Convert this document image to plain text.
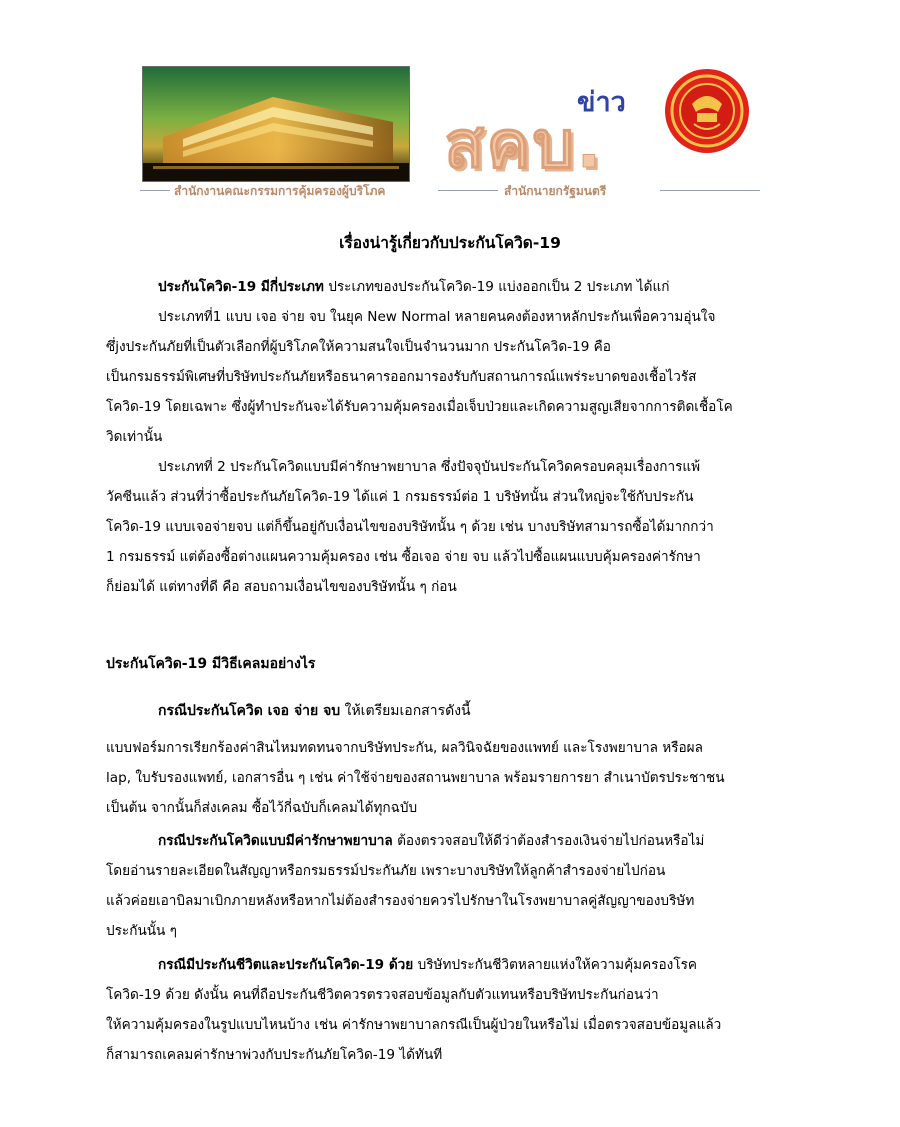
สคบ.
ข่าว
สำนักงานคณะกรรมการคุ้มครองผู้บริโภค	สำนักนายกรัฐมนตรี
เรื่องน่ารู้เกี่ยวกับประกันโควิด-19
ประกันโควิด-19 มีกี่ประเภท ประเภทของประกันโควิด-19 แบ่งออกเป็น 2 ประเภท ได้แก่
ประเภทที่1 แบบ เจอ จ่าย จบ ในยุค New Normal หลายคนคงต้องหาหลักประกันเพื่อความอุ่นใจ
ซึ่jงประกันภัยที่เป็นตัวเลือกที่ผู้บริโภคให้ความสนใจเป็นจำนวนมาก ประกันโควิด-19 คือ
เป็นกรมธรรม์พิเศษที่บริษัทประกันภัยหรือธนาคารออกมารองรับกับสถานการณ์แพร่ระบาดของเชื้อไวรัส
โควิด-19 โดยเฉพาะ ซึ่งผู้ทำประกันจะได้รับความคุ้มครองเมื่อเจ็บป่วยและเกิดความสูญเสียจากการติดเชื้อโค
วิดเท่านั้น
ประเภทที่ 2 ประกันโควิดแบบมีค่ารักษาพยาบาล ซึ่งปัจจุบันประกันโควิดครอบคลุมเรื่องการแพ้
วัคซีนแล้ว ส่วนที่ว่าซื้อประกันภัยโควิด-19 ได้แค่ 1 กรมธรรม์ต่อ 1 บริษัทนั้น ส่วนใหญ่จะใช้กับประกัน
โควิด-19 แบบเจอจ่ายจบ แต่ก็ขึ้นอยู่กับเงื่อนไขของบริษัทนั้น ๆ ด้วย เช่น บางบริษัทสามารถซื้อได้มากกว่า
1 กรมธรรม์ แต่ต้องซื้อต่างแผนความคุ้มครอง เช่น ซื้อเจอ จ่าย จบ แล้วไปซื้อแผนแบบคุ้มครองค่ารักษา
ก็ย่อมได้ แต่ทางที่ดี คือ สอบถามเงื่อนไขของบริษัทนั้น ๆ ก่อน
ประกันโควิด-19 มีวิธีเคลมอย่างไร
กรณีประกันโควิด เจอ จ่าย จบ ให้เตรียมเอกสารดังนี้
แบบฟอร์มการเรียกร้องค่าสินไหมทดทนจากบริษัทประกัน, ผลวินิจฉัยของแพทย์ และโรงพยาบาล หรือผล
lap, ใบรับรองแพทย์, เอกสารอื่น ๆ เช่น ค่าใช้จ่ายของสถานพยาบาล พร้อมรายการยา สำเนาบัตรประชาชน
เป็นต้น จากนั้นก็ส่งเคลม ซื้อไว้กี่ฉบับก็เคลมได้ทุกฉบับ
กรณีประกันโควิดแบบมีค่ารักษาพยาบาล ต้องตรวจสอบให้ดีว่าต้องสำรองเงินจ่ายไปก่อนหรือไม่
โดยอ่านรายละเอียดในสัญญาหรือกรมธรรม์ประกันภัย เพราะบางบริษัทให้ลูกค้าสำรองจ่ายไปก่อน
แล้วค่อยเอาบิลมาเบิกภายหลังหรือหากไม่ต้องสำรองจ่ายควรไปรักษาในโรงพยาบาลคู่สัญญาของบริษัท
ประกันนั้น ๆ
กรณีมีประกันชีวิตและประกันโควิด-19 ด้วย บริษัทประกันชีวิตหลายแห่งให้ความคุ้มครองโรค
โควิด-19 ด้วย ดังนั้น คนที่ถือประกันชีวิตควรตรวจสอบข้อมูลกับตัวแทนหรือบริษัทประกันก่อนว่า
ให้ความคุ้มครองในรูปแบบไหนบ้าง เช่น ค่ารักษาพยาบาลกรณีเป็นผู้ป่วยในหรือไม่ เมื่อตรวจสอบข้อมูลแล้ว
ก็สามารถเคลมค่ารักษาพ่วงกับประกันภัยโควิด-19 ได้ทันที
